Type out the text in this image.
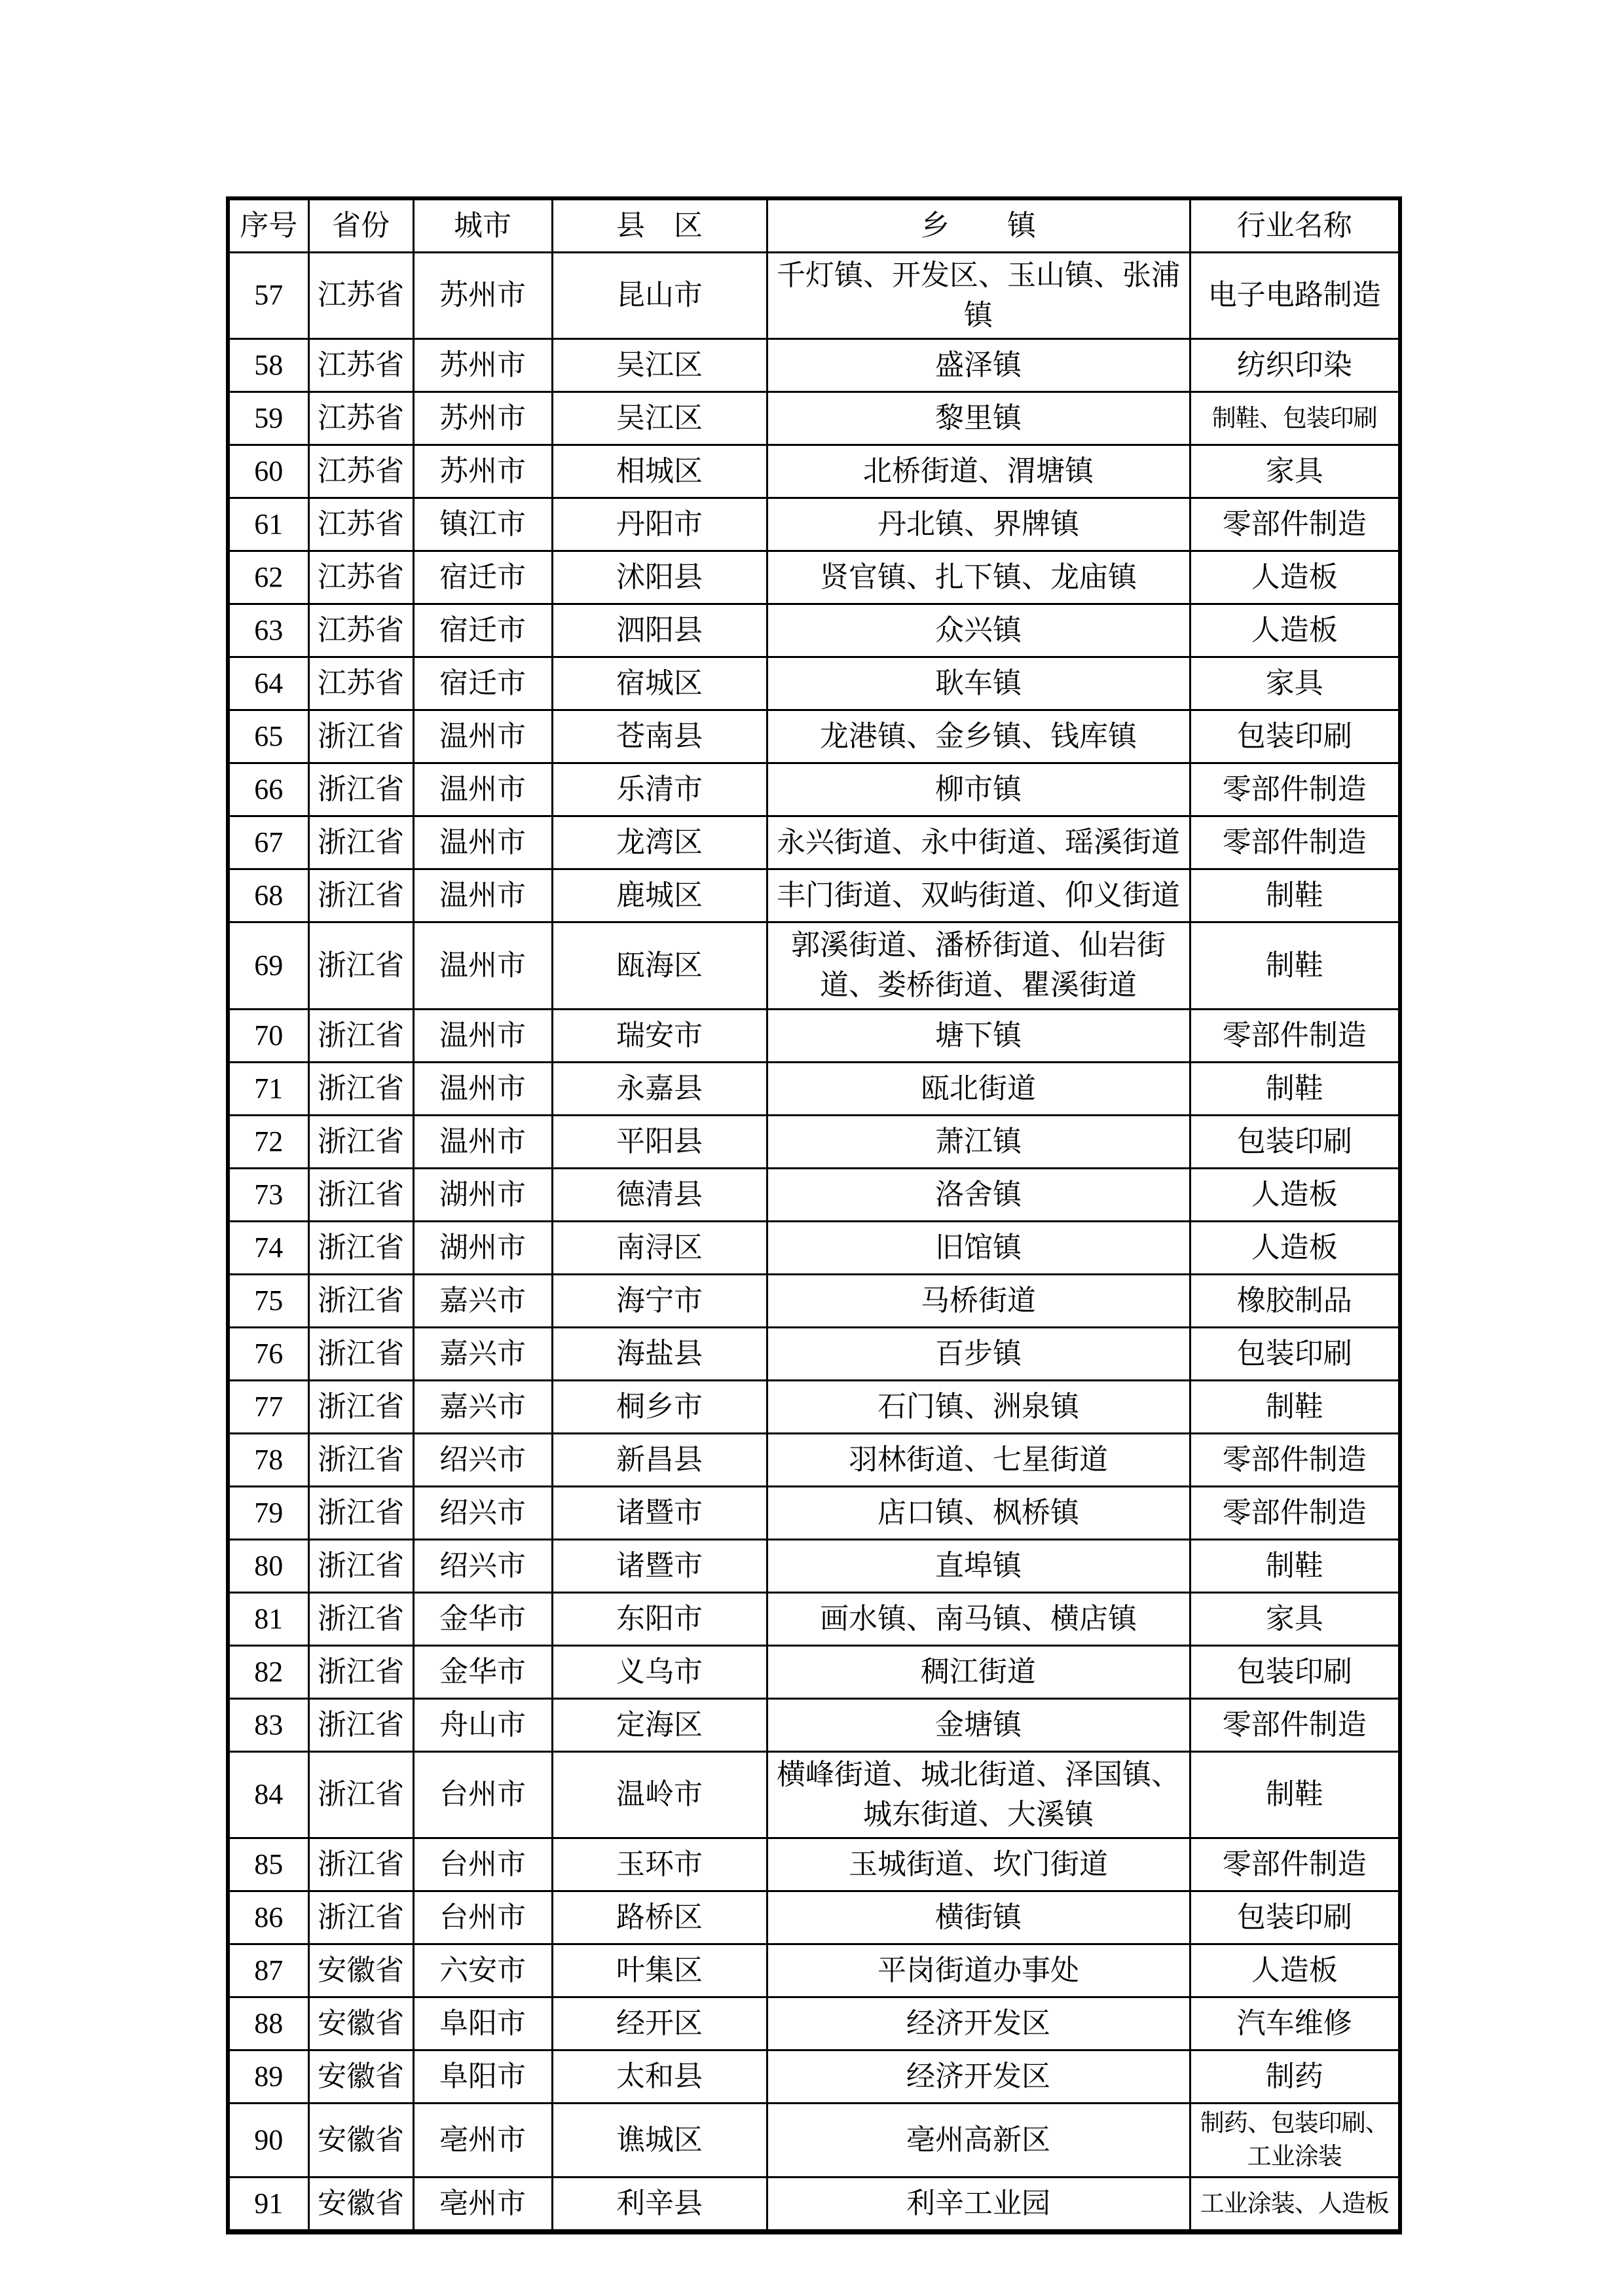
序号	省份	城市	县　区	乡　　镇	行业名称
57	江苏省	苏州市	昆山市	千灯镇、开发区、玉山镇、张浦镇	电子电路制造
58	江苏省	苏州市	吴江区	盛泽镇	纺织印染
59	江苏省	苏州市	吴江区	黎里镇	制鞋、包装印刷
60	江苏省	苏州市	相城区	北桥街道、渭塘镇	家具
61	江苏省	镇江市	丹阳市	丹北镇、界牌镇	零部件制造
62	江苏省	宿迁市	沭阳县	贤官镇、扎下镇、龙庙镇	人造板
63	江苏省	宿迁市	泗阳县	众兴镇	人造板
64	江苏省	宿迁市	宿城区	耿车镇	家具
65	浙江省	温州市	苍南县	龙港镇、金乡镇、钱库镇	包装印刷
66	浙江省	温州市	乐清市	柳市镇	零部件制造
67	浙江省	温州市	龙湾区	永兴街道、永中街道、瑶溪街道	零部件制造
68	浙江省	温州市	鹿城区	丰门街道、双屿街道、仰义街道	制鞋
69	浙江省	温州市	瓯海区	郭溪街道、潘桥街道、仙岩街道、娄桥街道、瞿溪街道	制鞋
70	浙江省	温州市	瑞安市	塘下镇	零部件制造
71	浙江省	温州市	永嘉县	瓯北街道	制鞋
72	浙江省	温州市	平阳县	萧江镇	包装印刷
73	浙江省	湖州市	德清县	洛舍镇	人造板
74	浙江省	湖州市	南浔区	旧馆镇	人造板
75	浙江省	嘉兴市	海宁市	马桥街道	橡胶制品
76	浙江省	嘉兴市	海盐县	百步镇	包装印刷
77	浙江省	嘉兴市	桐乡市	石门镇、洲泉镇	制鞋
78	浙江省	绍兴市	新昌县	羽林街道、七星街道	零部件制造
79	浙江省	绍兴市	诸暨市	店口镇、枫桥镇	零部件制造
80	浙江省	绍兴市	诸暨市	直埠镇	制鞋
81	浙江省	金华市	东阳市	画水镇、南马镇、横店镇	家具
82	浙江省	金华市	义乌市	稠江街道	包装印刷
83	浙江省	舟山市	定海区	金塘镇	零部件制造
84	浙江省	台州市	温岭市	横峰街道、城北街道、泽国镇、城东街道、大溪镇	制鞋
85	浙江省	台州市	玉环市	玉城街道、坎门街道	零部件制造
86	浙江省	台州市	路桥区	横街镇	包装印刷
87	安徽省	六安市	叶集区	平岗街道办事处	人造板
88	安徽省	阜阳市	经开区	经济开发区	汽车维修
89	安徽省	阜阳市	太和县	经济开发区	制药
90	安徽省	亳州市	谯城区	亳州高新区	制药、包装印刷、工业涂装
91	安徽省	亳州市	利辛县	利辛工业园	工业涂装、人造板
